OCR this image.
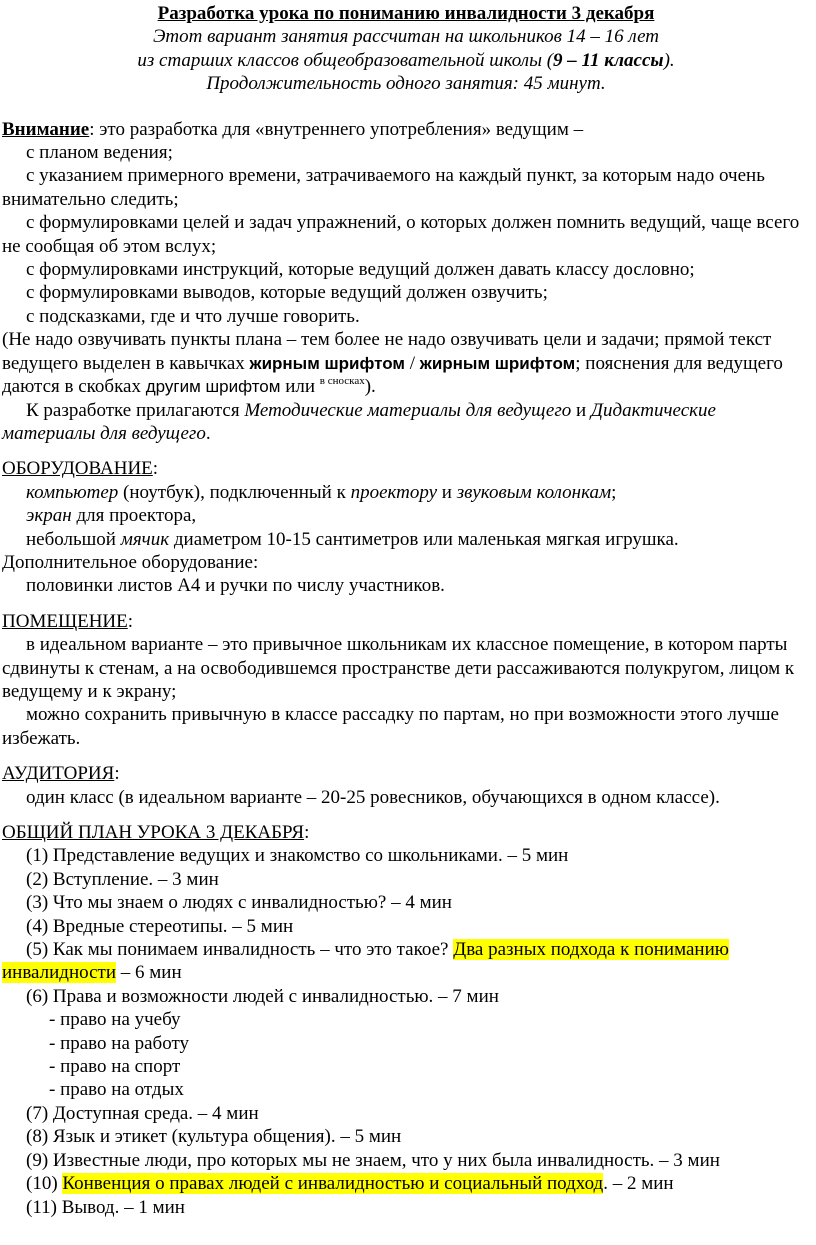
Разработка урока по пониманию инвалидности 3 декабря

Этот вариант занятия рассчитан на школьников 14 – 16 лет

из старших классов общеобразовательной школы (9 – 11 классы).

Продолжительность одного занятия: 45 минут.

Внимание: это разработка для «внутреннего употребления» ведущим –

с планом ведения;

с указанием примерного времени, затрачиваемого на каждый пункт, за которым надо очень внимательно следить;

с формулировками целей и задач упражнений, о которых должен помнить ведущий, чаще всего не сообщая об этом вслух;

с формулировками инструкций, которые ведущий должен давать классу дословно;

с формулировками выводов, которые ведущий должен озвучить;

с подсказками, где и что лучше говорить.

(Не надо озвучивать пункты плана – тем более не надо озвучивать цели и задачи; прямой текст ведущего выделен в кавычках жирным шрифтом / жирным шрифтом; пояснения для ведущего даются в скобках другим шрифтом или $^{в сносках}$).

К разработке прилагаются Методические материалы для ведущего и Дидактические материалы для ведущего.

ОБОРУДОВАНИЕ:

компьютер (ноутбук), подключенный к проектору и звуковым колонкам;

экран для проектора,

небольшой мячик диаметром 10-15 сантиметров или маленькая мягкая игрушка.

Дополнительное оборудование:

половинки листов А4 и ручки по числу участников.

ПОМЕЩЕНИЕ:

в идеальном варианте – это привычное школьникам их классное помещение, в котором парты сдвинуты к стенам, а на освободившемся пространстве дети рассаживаются полукругом, лицом к ведущему и к экрану;

можно сохранить привычную в классе рассадку по партам, но при возможности этого лучше избежать.

АУДИТОРИЯ:

один класс (в идеальном варианте – 20-25 ровесников, обучающихся в одном классе).

ОБЩИЙ ПЛАН УРОКА 3 ДЕКАБРЯ:

(1) Представление ведущих и знакомство со школьниками. – 5 мин

(2) Вступление. – 3 мин

(3) Что мы знаем о людях с инвалидностью? – 4 мин

(4) Вредные стереотипы. – 5 мин

(5) Как мы понимаем инвалидность – что это такое? Два разных подхода к пониманию инвалидности – 6 мин

(6) Права и возможности людей с инвалидностью. – 7 мин

- право на учебу

- право на работу

- право на спорт

- право на отдых

(7) Доступная среда. – 4 мин

(8) Язык и этикет (культура общения). – 5 мин

(9) Известные люди, про которых мы не знаем, что у них была инвалидность. – 3 мин

(10) Конвенция о правах людей с инвалидностью и социальный подход. – 2 мин

(11) Вывод. – 1 мин
